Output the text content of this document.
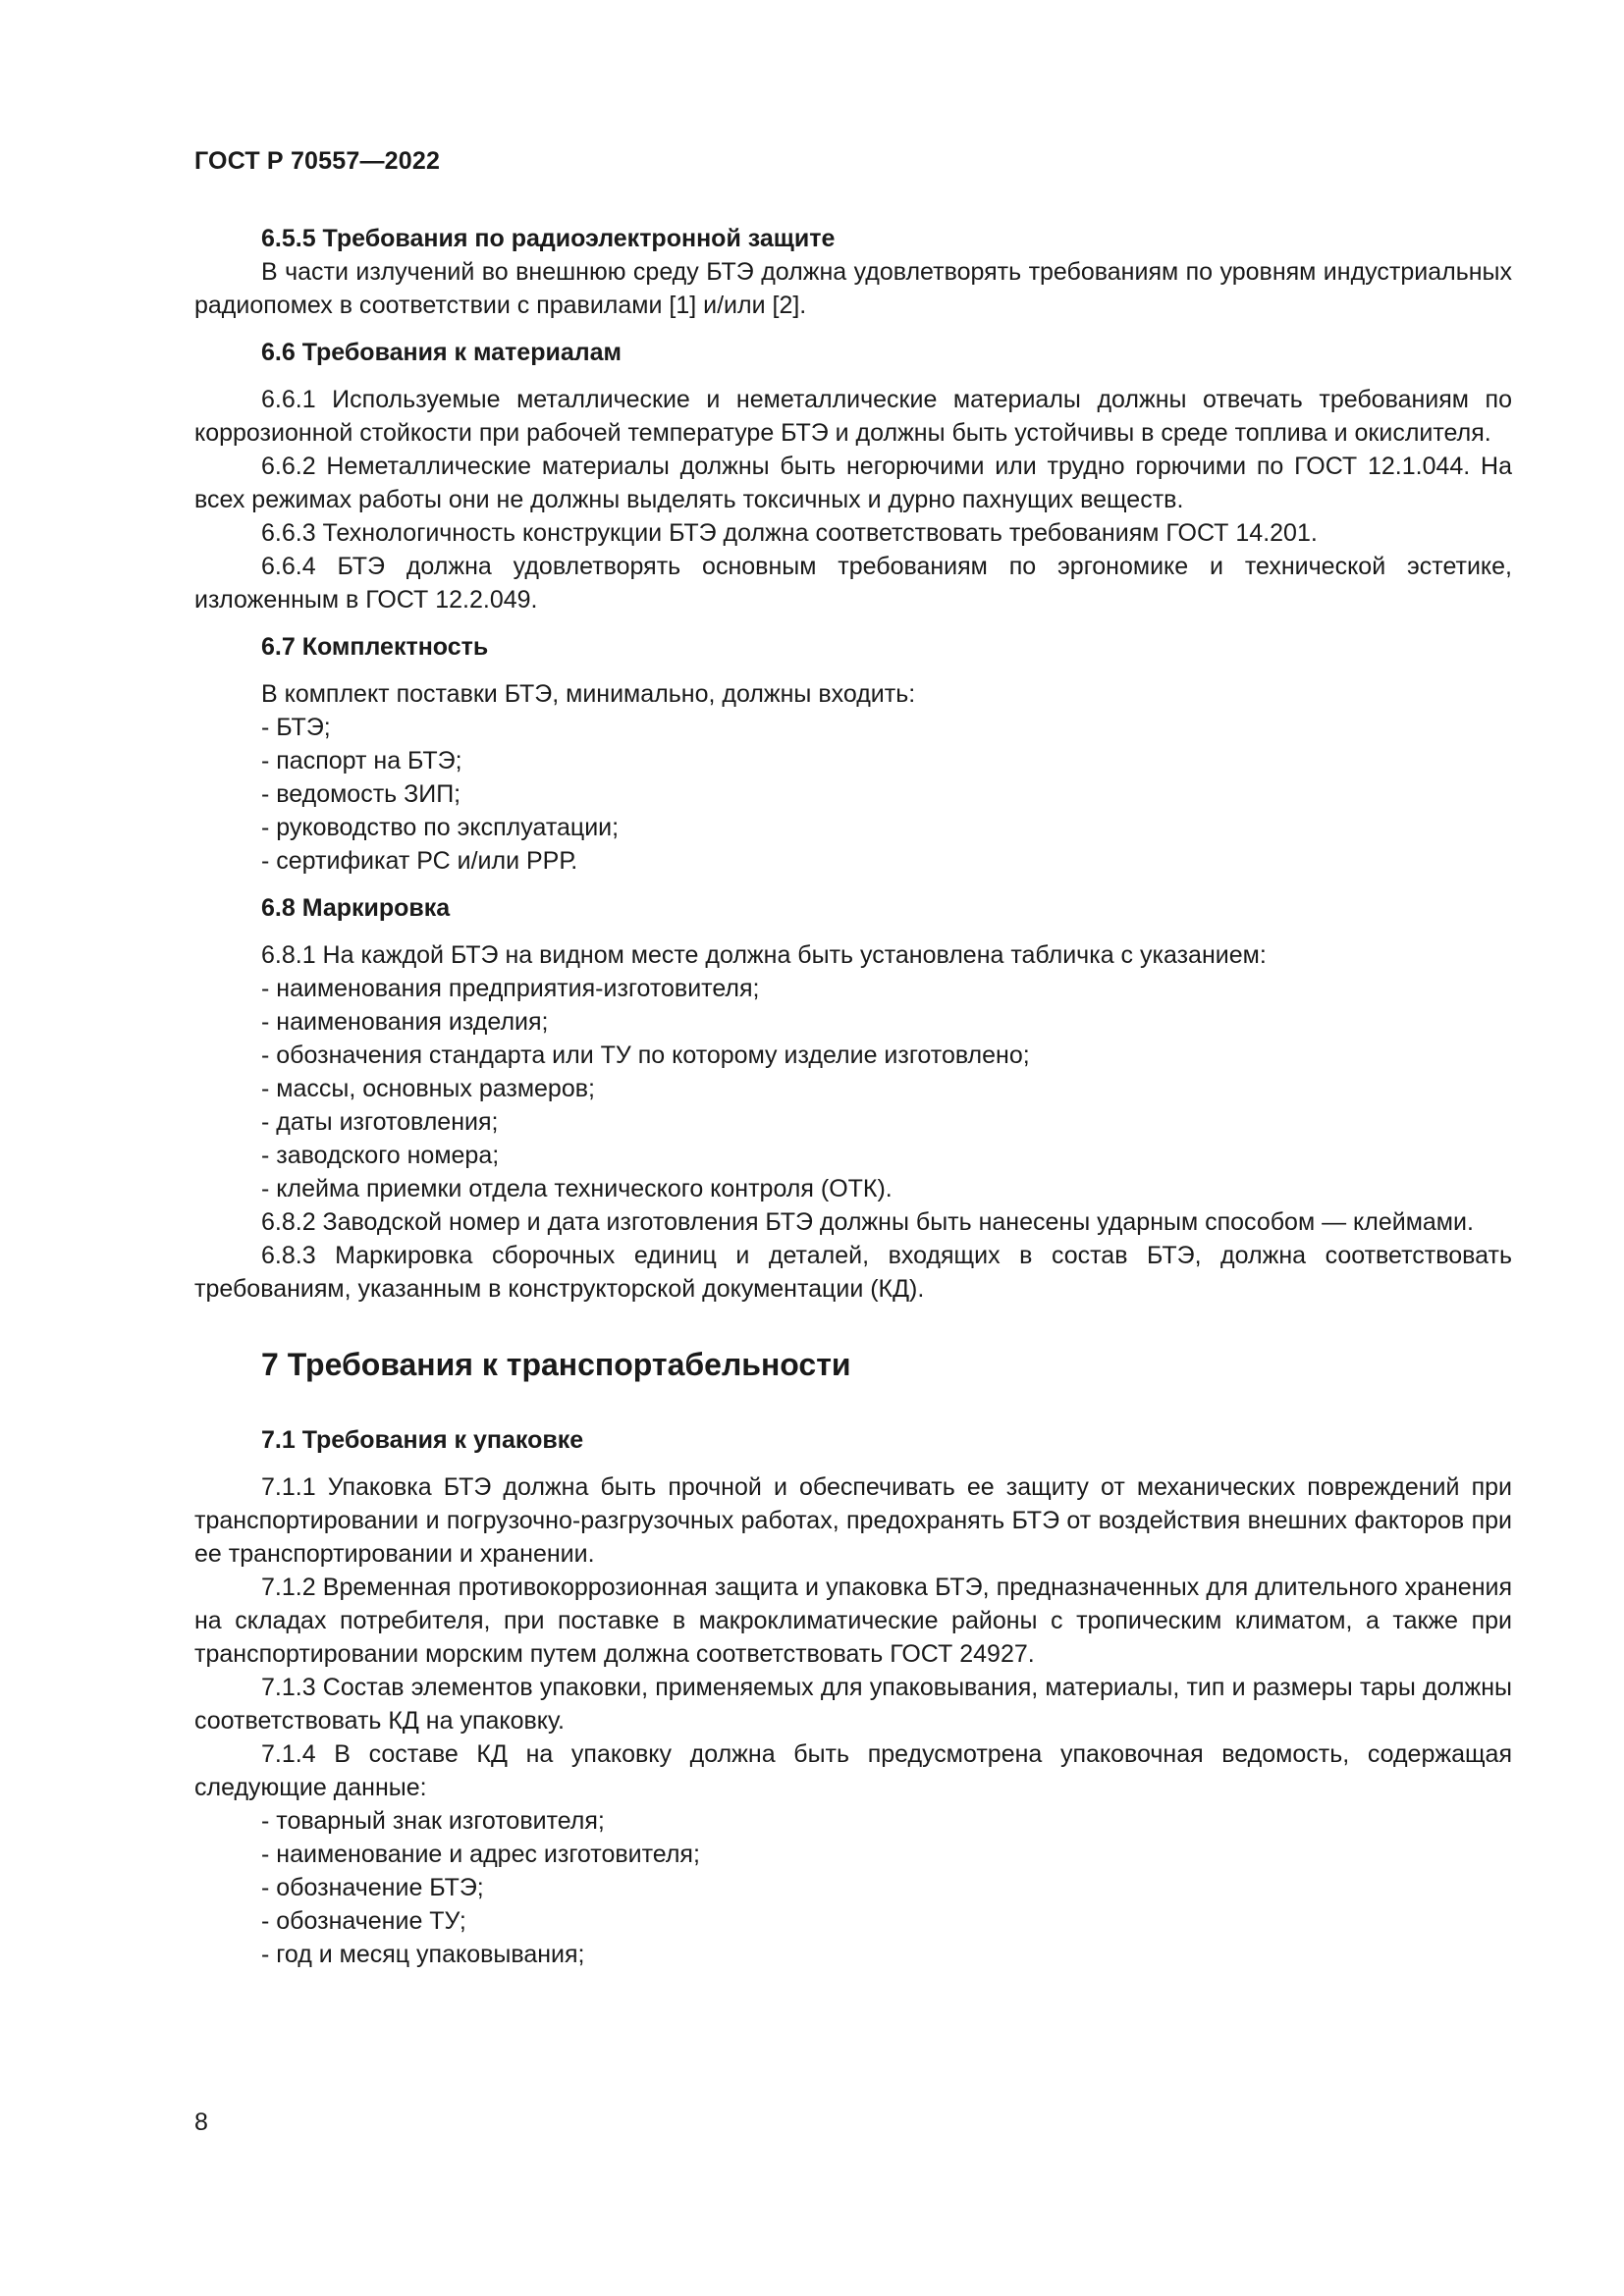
ГОСТ Р 70557—2022

6.5.5 Требования по радиоэлектронной защите

В части излучений во внешнюю среду БТЭ должна удовлетворять требованиям по уровням индустриальных радиопомех в соответствии с правилами [1] и/или [2].

6.6 Требования к материалам

6.6.1 Используемые металлические и неметаллические материалы должны отвечать требованиям по коррозионной стойкости при рабочей температуре БТЭ и должны быть устойчивы в среде топлива и окислителя.

6.6.2 Неметаллические материалы должны быть негорючими или трудно горючими по ГОСТ 12.1.044. На всех режимах работы они не должны выделять токсичных и дурно пахнущих веществ.

6.6.3 Технологичность конструкции БТЭ должна соответствовать требованиям ГОСТ 14.201.

6.6.4 БТЭ должна удовлетворять основным требованиям по эргономике и технической эстетике, изложенным в ГОСТ 12.2.049.

6.7 Комплектность

В комплект поставки БТЭ, минимально, должны входить:

- БТЭ;

- паспорт на БТЭ;

- ведомость ЗИП;

- руководство по эксплуатации;

- сертификат РС и/или РРР.

6.8 Маркировка

6.8.1 На каждой БТЭ на видном месте должна быть установлена табличка с указанием:

- наименования предприятия-изготовителя;

- наименования изделия;

- обозначения стандарта или ТУ по которому изделие изготовлено;

- массы, основных размеров;

- даты изготовления;

- заводского номера;

- клейма приемки отдела технического контроля (ОТК).

6.8.2 Заводской номер и дата изготовления БТЭ должны быть нанесены ударным способом — клеймами.

6.8.3 Маркировка сборочных единиц и деталей, входящих в состав БТЭ, должна соответствовать требованиям, указанным в конструкторской документации (КД).

7 Требования к транспортабельности

7.1 Требования к упаковке

7.1.1 Упаковка БТЭ должна быть прочной и обеспечивать ее защиту от механических повреждений при транспортировании и погрузочно-разгрузочных работах, предохранять БТЭ от воздействия внешних факторов при ее транспортировании и хранении.

7.1.2 Временная противокоррозионная защита и упаковка БТЭ, предназначенных для длительного хранения на складах потребителя, при поставке в макроклиматические районы с тропическим климатом, а также при транспортировании морским путем должна соответствовать ГОСТ 24927.

7.1.3 Состав элементов упаковки, применяемых для упаковывания, материалы, тип и размеры тары должны соответствовать КД на упаковку.

7.1.4 В составе КД на упаковку должна быть предусмотрена упаковочная ведомость, содержащая следующие данные:

- товарный знак изготовителя;

- наименование и адрес изготовителя;

- обозначение БТЭ;

- обозначение ТУ;

- год и месяц упаковывания;

8
